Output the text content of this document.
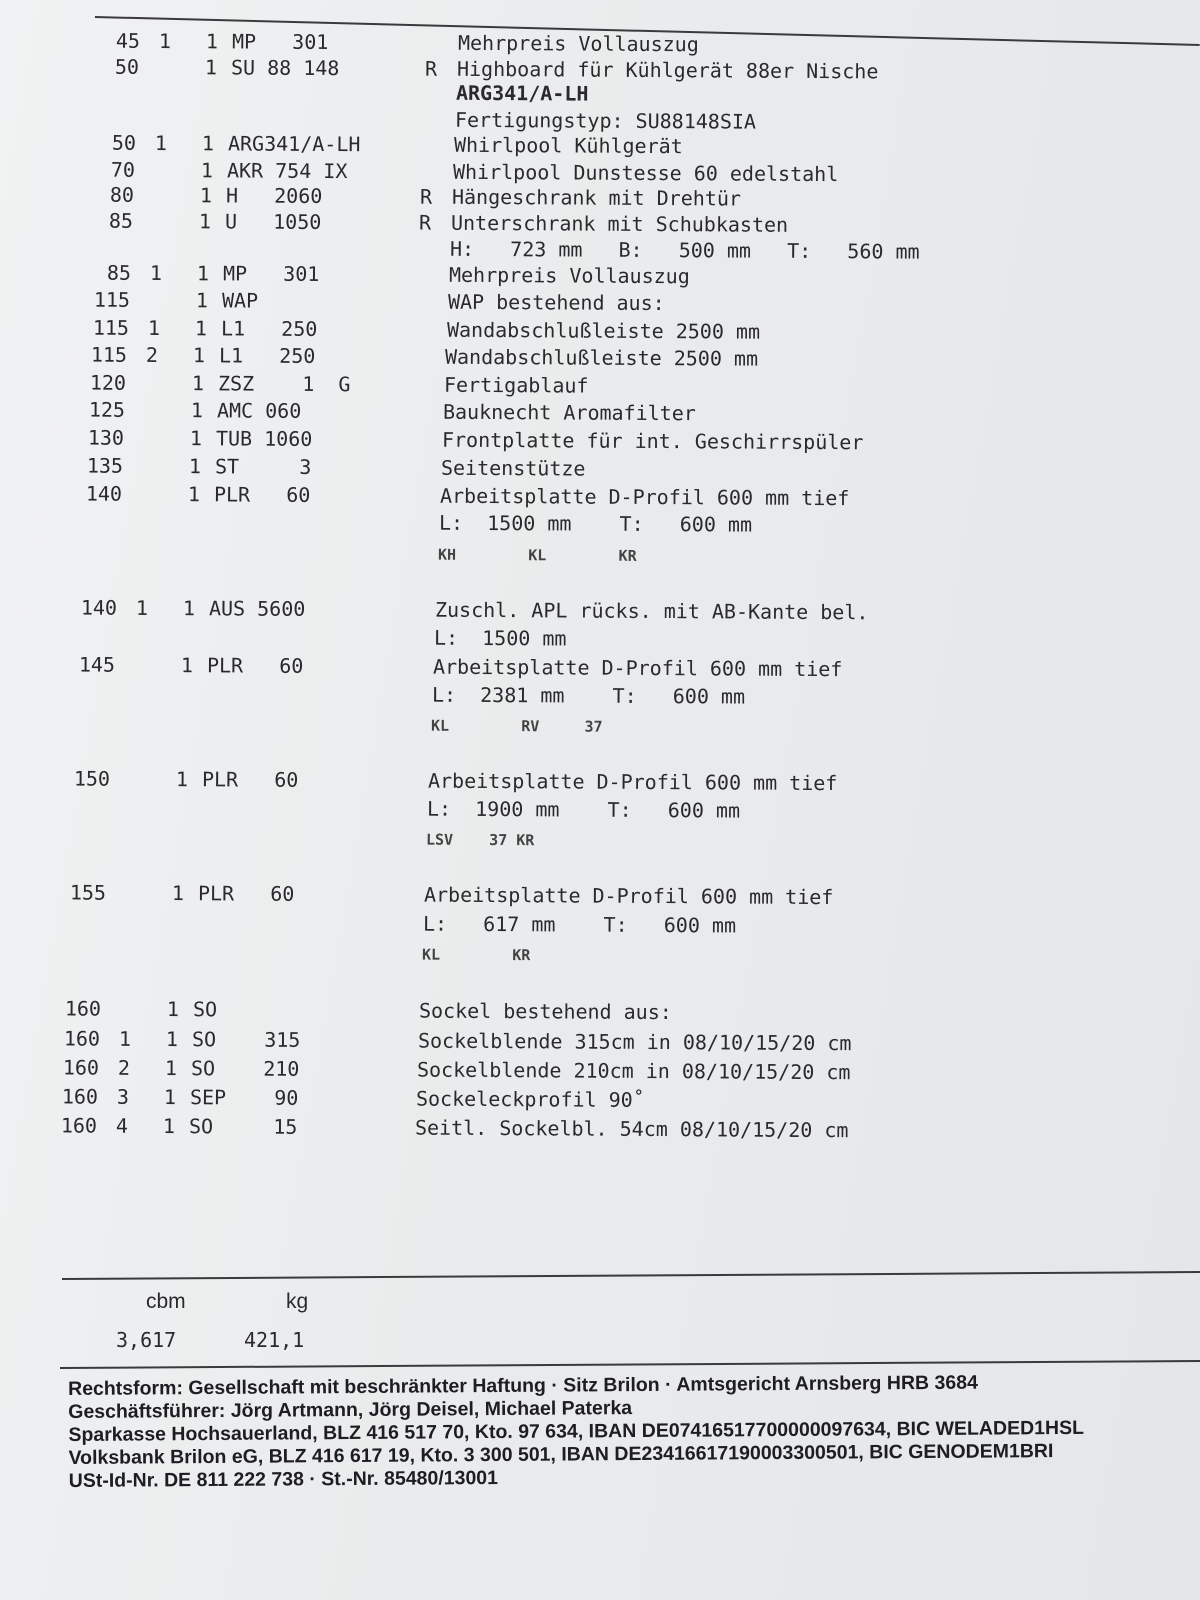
45 1 1 MP   301	Mehrpreis Vollauszug
50	1 SU 88 148	R Highboard für Kühlgerät 88er Nische
ARG341/A-LH
Fertigungstyp: SU88148SIA
50 1 1 ARG341/A-LH	Whirlpool Kühlgerät
70	1 AKR 754 IX	Whirlpool Dunstesse 60 edelstahl
80	1 H   2060	R Hängeschrank mit Drehtür
85	1 U   1050	R Unterschrank mit Schubkasten
H:   723 mm   B:   500 mm   T:   560 mm
85 1 1 MP   301	Mehrpreis Vollauszug
115	1 WAP	WAP bestehend aus:
115 1 1 L1   250	Wandabschlußleiste 2500 mm
115 2 1 L1   250	Wandabschlußleiste 2500 mm
120	1 ZSZ    1  G	Fertigablauf
125	1 AMC 060	Bauknecht Aromafilter
130	1 TUB 1060	Frontplatte für int. Geschirrspüler
135	1 ST     3	Seitenstütze
140	1 PLR   60	Arbeitsplatte D-Profil 600 mm tief
L:  1500 mm    T:   600 mm
KH        KL        KR
140 1 1 AUS 5600	Zuschl. APL rücks. mit AB-Kante bel.
L:  1500 mm
145	1 PLR   60	Arbeitsplatte D-Profil 600 mm tief
L:  2381 mm    T:   600 mm
KL        RV     37
150	1 PLR   60	Arbeitsplatte D-Profil 600 mm tief
L:  1900 mm    T:   600 mm
LSV    37 KR
155	1 PLR   60	Arbeitsplatte D-Profil 600 mm tief
L:   617 mm    T:   600 mm
KL        KR
160	1 SO	Sockel bestehend aus:
160 1 1 SO    315	Sockelblende 315cm in 08/10/15/20 cm
160 2 1 SO    210	Sockelblende 210cm in 08/10/15/20 cm
160 3 1 SEP    90	Sockeleckprofil 90˚
160 4 1 SO     15	Seitl. Sockelbl. 54cm 08/10/15/20 cm
cbm	kg
3,617	421,1
Rechtsform: Gesellschaft mit beschränkter Haftung · Sitz Brilon · Amtsgericht Arnsberg HRB 3684
Geschäftsführer: Jörg Artmann, Jörg Deisel, Michael Paterka
Sparkasse Hochsauerland, BLZ 416 517 70, Kto. 97 634, IBAN DE07416517700000097634, BIC WELADED1HSL
Volksbank Brilon eG, BLZ 416 617 19, Kto. 3 300 501, IBAN DE23416617190003300501, BIC GENODEM1BRI
USt-Id-Nr. DE 811 222 738 · St.-Nr. 85480/13001
